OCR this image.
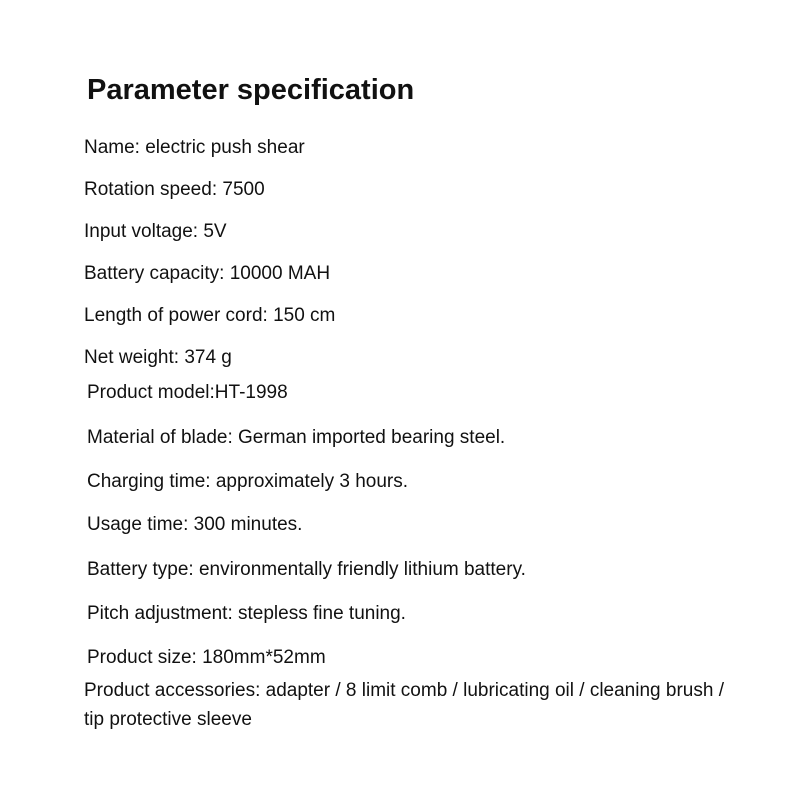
Parameter specification

Name: electric push shear

Rotation speed: 7500

Input voltage: 5V

Battery capacity: 10000 MAH

Length of power cord: 150 cm

Net weight: 374 g

Product model:HT-1998

Material of blade: German imported bearing steel.

Charging time: approximately 3 hours.

Usage time: 300 minutes.

Battery type: environmentally friendly lithium battery.

Pitch adjustment: stepless fine tuning.

Product size: 180mm*52mm

Product accessories: adapter / 8 limit comb / lubricating oil / cleaning brush / tip protective sleeve
